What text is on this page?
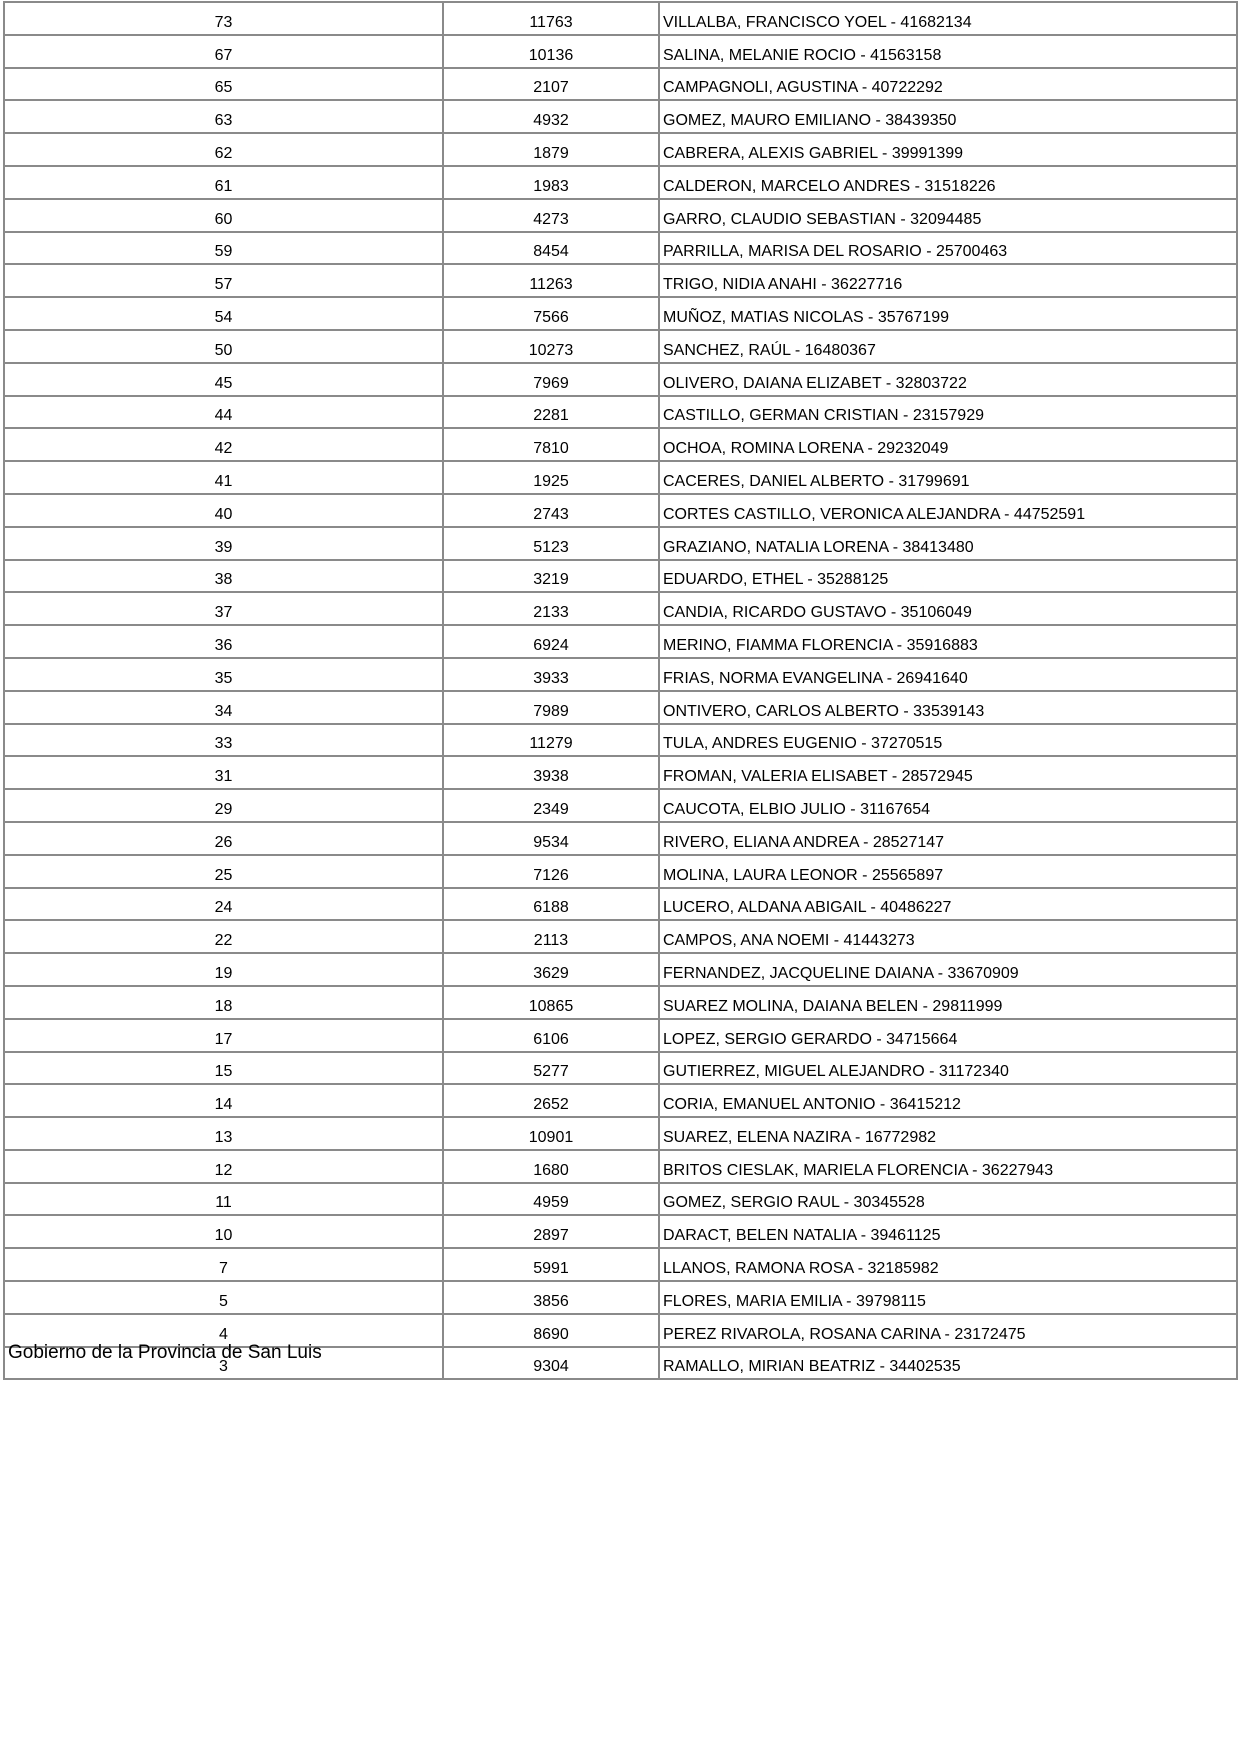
73	11763	VILLALBA, FRANCISCO YOEL - 41682134
67	10136	SALINA, MELANIE ROCIO - 41563158
65	2107	CAMPAGNOLI, AGUSTINA - 40722292
63	4932	GOMEZ, MAURO EMILIANO - 38439350
62	1879	CABRERA, ALEXIS GABRIEL - 39991399
61	1983	CALDERON, MARCELO ANDRES - 31518226
60	4273	GARRO, CLAUDIO SEBASTIAN - 32094485
59	8454	PARRILLA, MARISA DEL ROSARIO - 25700463
57	11263	TRIGO, NIDIA ANAHI - 36227716
54	7566	MUÑOZ, MATIAS NICOLAS - 35767199
50	10273	SANCHEZ, RAÚL - 16480367
45	7969	OLIVERO, DAIANA ELIZABET - 32803722
44	2281	CASTILLO, GERMAN CRISTIAN - 23157929
42	7810	OCHOA, ROMINA LORENA - 29232049
41	1925	CACERES, DANIEL ALBERTO - 31799691
40	2743	CORTES CASTILLO, VERONICA ALEJANDRA - 44752591
39	5123	GRAZIANO, NATALIA LORENA - 38413480
38	3219	EDUARDO, ETHEL - 35288125
37	2133	CANDIA, RICARDO GUSTAVO - 35106049
36	6924	MERINO, FIAMMA FLORENCIA - 35916883
35	3933	FRIAS, NORMA EVANGELINA - 26941640
34	7989	ONTIVERO, CARLOS ALBERTO - 33539143
33	11279	TULA, ANDRES EUGENIO - 37270515
31	3938	FROMAN, VALERIA ELISABET - 28572945
29	2349	CAUCOTA, ELBIO JULIO - 31167654
26	9534	RIVERO, ELIANA ANDREA - 28527147
25	7126	MOLINA, LAURA LEONOR - 25565897
24	6188	LUCERO, ALDANA ABIGAIL - 40486227
22	2113	CAMPOS, ANA NOEMI - 41443273
19	3629	FERNANDEZ, JACQUELINE DAIANA - 33670909
18	10865	SUAREZ MOLINA, DAIANA BELEN - 29811999
17	6106	LOPEZ, SERGIO GERARDO - 34715664
15	5277	GUTIERREZ, MIGUEL ALEJANDRO - 31172340
14	2652	CORIA, EMANUEL ANTONIO - 36415212
13	10901	SUAREZ, ELENA NAZIRA - 16772982
12	1680	BRITOS CIESLAK, MARIELA FLORENCIA - 36227943
11	4959	GOMEZ, SERGIO RAUL - 30345528
10	2897	DARACT, BELEN NATALIA - 39461125
7	5991	LLANOS, RAMONA ROSA - 32185982
5	3856	FLORES, MARIA EMILIA - 39798115
4	8690	PEREZ RIVAROLA, ROSANA CARINA - 23172475
3	9304	RAMALLO, MIRIAN BEATRIZ - 34402535
Gobierno de la Provincia de San Luis
